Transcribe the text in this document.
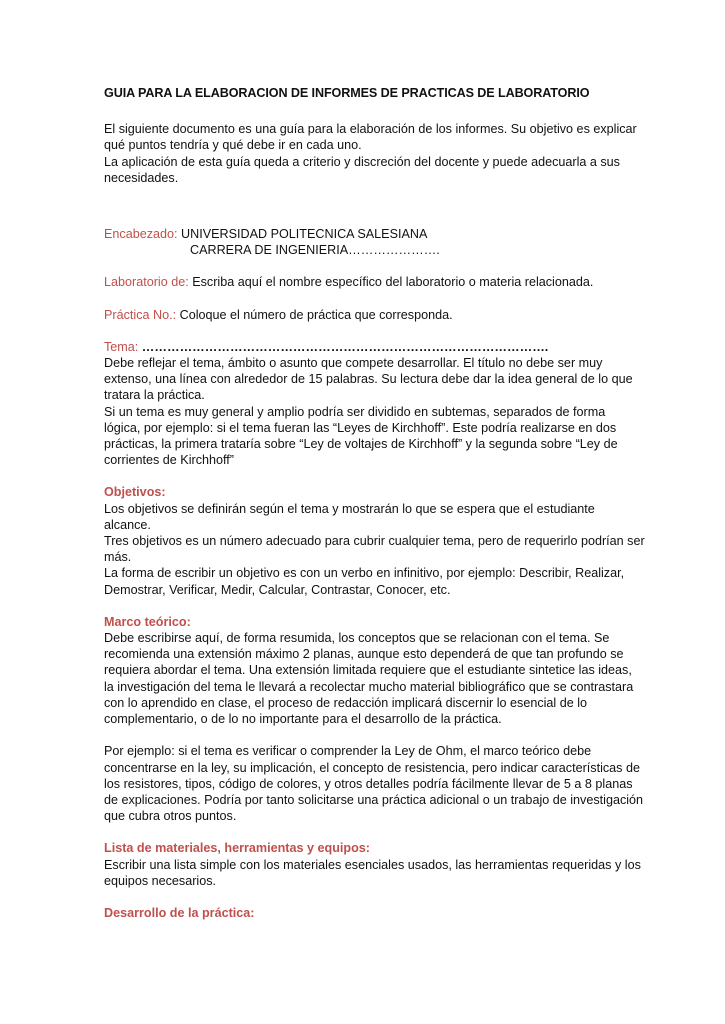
GUIA PARA LA ELABORACION DE INFORMES DE PRACTICAS DE LABORATORIO

El siguiente documento es una guía para la elaboración de los informes. Su objetivo es explicar qué puntos tendría y qué debe ir en cada uno.

La aplicación de esta guía queda a criterio y discreción del docente y puede adecuarla a sus necesidades.

Encabezado: UNIVERSIDAD POLITECNICA SALESIANA

CARRERA DE INGENIERIA………………….

Laboratorio de: Escriba aquí el nombre específico del laboratorio o materia relacionada.

Práctica No.: Coloque el número de práctica que corresponda.

Tema: …………………………………………………………………………………….

Debe reflejar el tema, ámbito o asunto que compete desarrollar. El título no debe ser muy extenso, una línea con alrededor de 15 palabras. Su lectura debe dar la idea general de lo que tratara la práctica.

Si un tema es muy general y amplio podría ser dividido en subtemas, separados de forma lógica, por ejemplo: si el tema fueran las “Leyes de Kirchhoff”. Este podría realizarse en dos prácticas, la primera trataría sobre “Ley de voltajes de Kirchhoff” y la segunda sobre “Ley de corrientes de Kirchhoff”

Objetivos:

Los objetivos se definirán según el tema y mostrarán lo que se espera que el estudiante alcance.

Tres objetivos es un número adecuado para cubrir cualquier tema, pero de requerirlo podrían ser más.

La forma de escribir un objetivo es con un verbo en infinitivo, por ejemplo: Describir, Realizar, Demostrar, Verificar, Medir, Calcular, Contrastar, Conocer, etc.

Marco teórico:

Debe escribirse aquí, de forma resumida, los conceptos que se relacionan con el tema. Se recomienda una extensión máximo 2 planas, aunque esto dependerá de que tan profundo se requiera abordar el tema. Una extensión limitada requiere que el estudiante sintetice las ideas, la investigación del tema le llevará a recolectar mucho material bibliográfico que se contrastara con lo aprendido en clase, el proceso de redacción implicará discernir lo esencial de lo complementario, o de lo no importante para el desarrollo de la práctica.

Por ejemplo: si el tema es verificar o comprender la Ley de Ohm, el marco teórico debe concentrarse en la ley, su implicación, el concepto de resistencia, pero indicar características de los resistores, tipos, código de colores, y otros detalles podría fácilmente llevar de 5 a 8 planas de explicaciones. Podría por tanto solicitarse una práctica adicional o un trabajo de investigación que cubra otros puntos.

Lista de materiales, herramientas y equipos:

Escribir una lista simple con los materiales esenciales usados, las herramientas requeridas y los equipos necesarios.

Desarrollo de la práctica:
